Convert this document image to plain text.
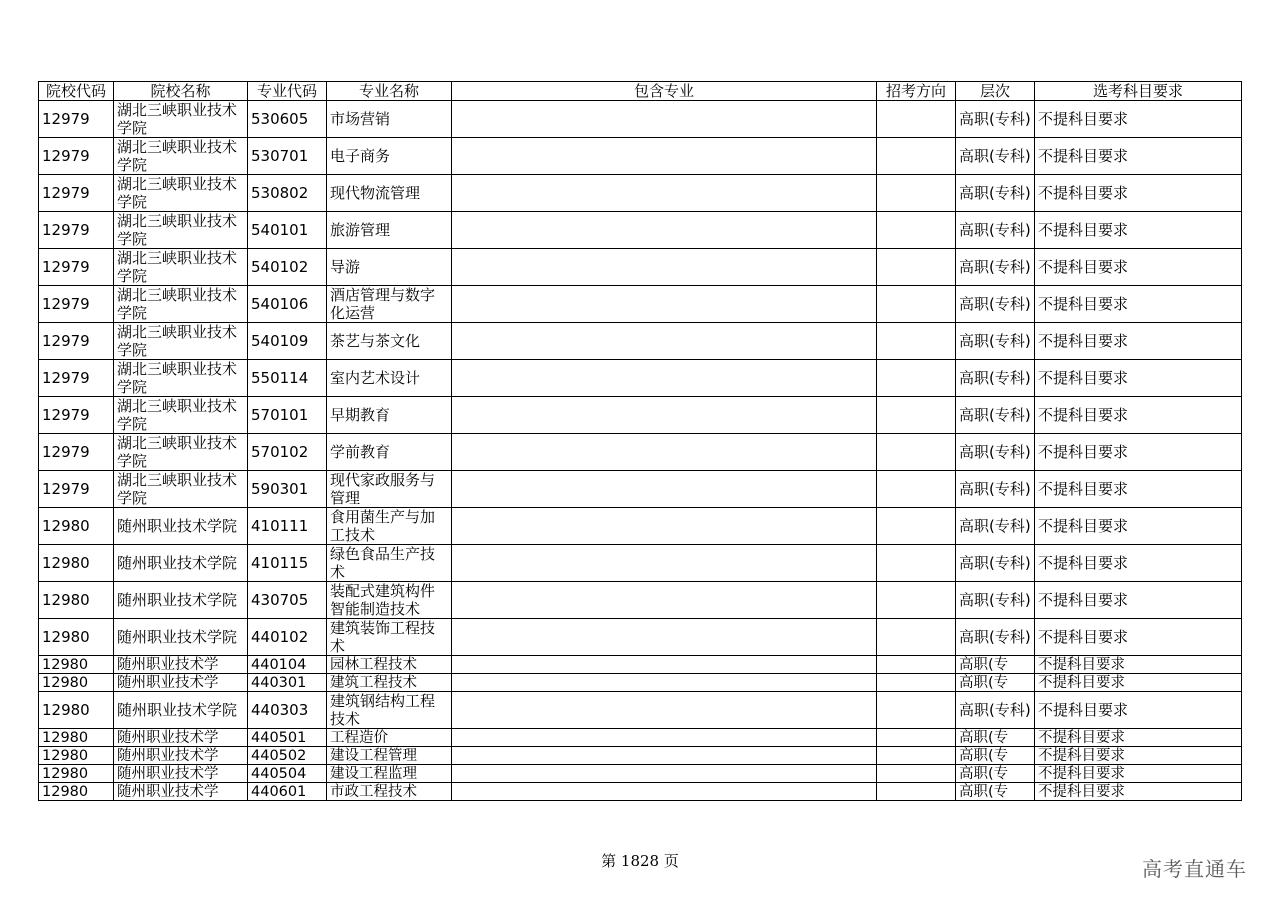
院校代码	院校名称	专业代码	专业名称	包含专业	招考方向	层次	选考科目要求
12979	湖北三峡职业技术学院	530605	市场营销			高职(专科)	不提科目要求
12979	湖北三峡职业技术学院	530701	电子商务			高职(专科)	不提科目要求
12979	湖北三峡职业技术学院	530802	现代物流管理			高职(专科)	不提科目要求
12979	湖北三峡职业技术学院	540101	旅游管理			高职(专科)	不提科目要求
12979	湖北三峡职业技术学院	540102	导游			高职(专科)	不提科目要求
12979	湖北三峡职业技术学院	540106	酒店管理与数字化运营			高职(专科)	不提科目要求
12979	湖北三峡职业技术学院	540109	茶艺与茶文化			高职(专科)	不提科目要求
12979	湖北三峡职业技术学院	550114	室内艺术设计			高职(专科)	不提科目要求
12979	湖北三峡职业技术学院	570101	早期教育			高职(专科)	不提科目要求
12979	湖北三峡职业技术学院	570102	学前教育			高职(专科)	不提科目要求
12979	湖北三峡职业技术学院	590301	现代家政服务与管理			高职(专科)	不提科目要求
12980	随州职业技术学院	410111	食用菌生产与加工技术			高职(专科)	不提科目要求
12980	随州职业技术学院	410115	绿色食品生产技术			高职(专科)	不提科目要求
12980	随州职业技术学院	430705	装配式建筑构件智能制造技术			高职(专科)	不提科目要求
12980	随州职业技术学院	440102	建筑装饰工程技术			高职(专科)	不提科目要求
12980	随州职业技术学	440104	园林工程技术			高职(专	不提科目要求
12980	随州职业技术学	440301	建筑工程技术			高职(专	不提科目要求
12980	随州职业技术学院	440303	建筑钢结构工程技术			高职(专科)	不提科目要求
12980	随州职业技术学	440501	工程造价			高职(专	不提科目要求
12980	随州职业技术学	440502	建设工程管理			高职(专	不提科目要求
12980	随州职业技术学	440504	建设工程监理			高职(专	不提科目要求
12980	随州职业技术学	440601	市政工程技术			高职(专	不提科目要求
第 1828 页	高考直通车
